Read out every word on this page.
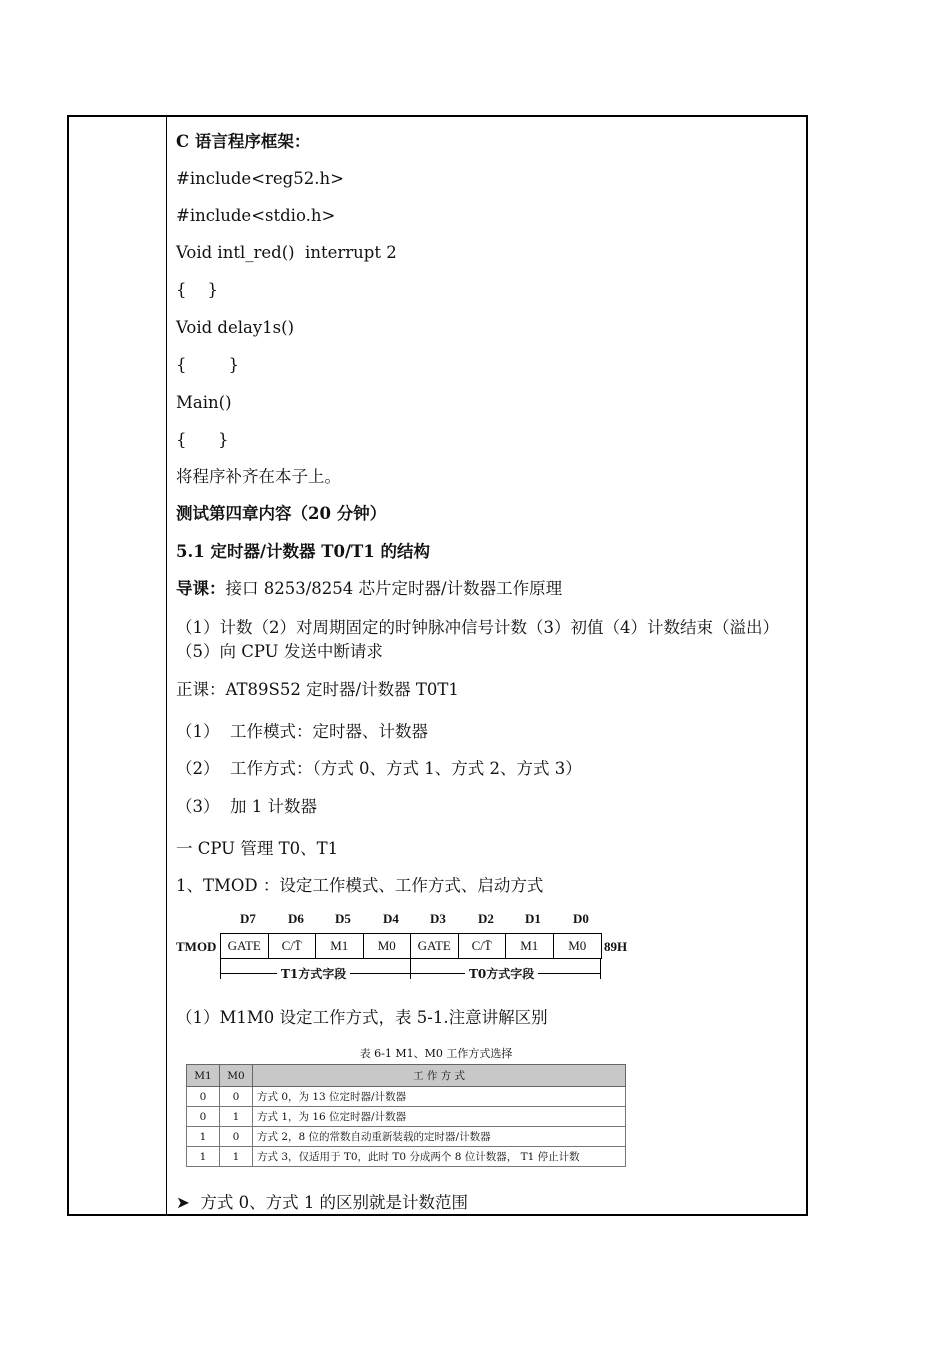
C 语言程序框架：
#include<reg52.h>
#include<stdio.h>
Void intl_red()  interrupt 2
{    }
Void delay1s()
{        }
Main()
{      }
将程序补齐在本子上。
测试第四章内容（20 分钟）
5.1 定时器/计数器 T0/T1 的结构
导课：接口 8253/8254 芯片定时器/计数器工作原理
（1）计数（2）对周期固定的时钟脉冲信号计数（3）初值（4）计数结束（溢出）（5）向 CPU 发送中断请求
正课：AT89S52 定时器/计数器 T0T1
（1）  工作模式：定时器、计数器
（2）  工作方式：（方式 0、方式 1、方式 2、方式 3）
（3）  加 1 计数器
一 CPU 管理 T0、T1
1、TMOD ：设定工作模式、工作方式、启动方式
D7	D6	D5	D4	D3	D2	D1	D0
TMOD GATE	C/T̄	M1	M0	GATE	C/T̄	M1	M0	89H
T1方式字段	T0方式字段
（1）M1M0 设定工作方式，表 5-1.注意讲解区别
表 6-1 M1、M0 工作方式选择
M1	M0	工 作 方 式
0	0	方式 0，为 13 位定时器/计数器
0	1	方式 1，为 16 位定时器/计数器
1	0	方式 2，8 位的常数自动重新装载的定时器/计数器
1	1	方式 3，仅适用于 T0，此时 T0 分成两个 8 位计数器， T1 停止计数
➤ 方式 0、方式 1 的区别就是计数范围
